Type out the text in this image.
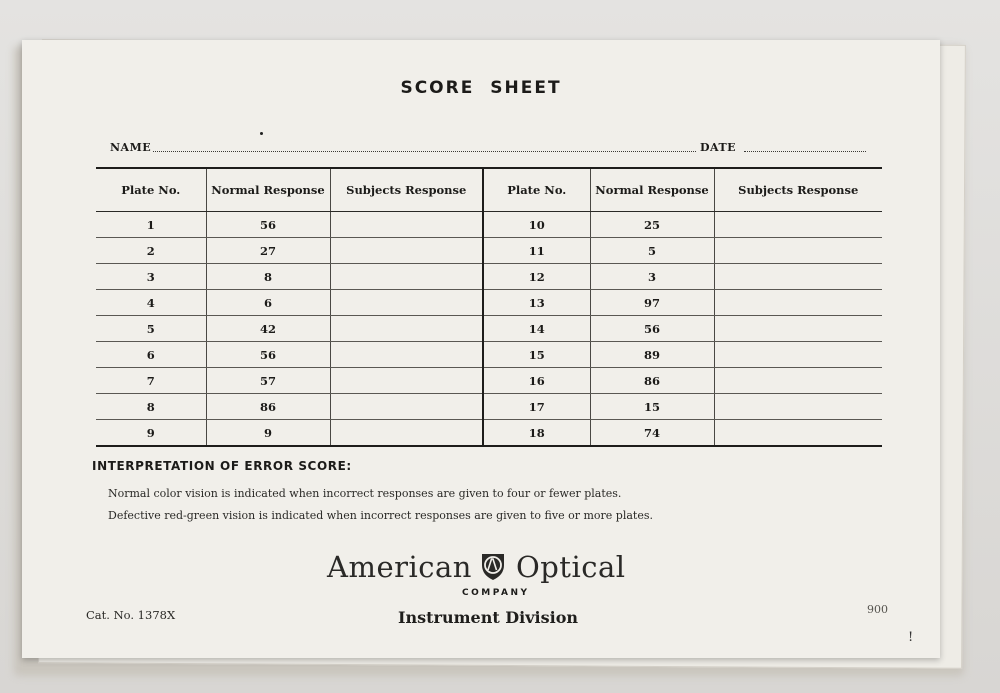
SCORE SHEET
NAME	DATE
Plate No.	Normal Response	Subjects Response	Plate No.	Normal Response	Subjects Response
1	56		10	25	
2	27		11	5	
3	8		12	3	
4	6		13	97	
5	42		14	56	
6	56		15	89	
7	57		16	86	
8	86		17	15	
9	9		18	74	
INTERPRETATION OF ERROR SCORE:
Normal color vision is indicated when incorrect responses are given to four or fewer plates.
Defective red-green vision is indicated when incorrect responses are given to five or more plates.
American Optical
COMPANY
Instrument Division
Cat. No. 1378X	900
!
